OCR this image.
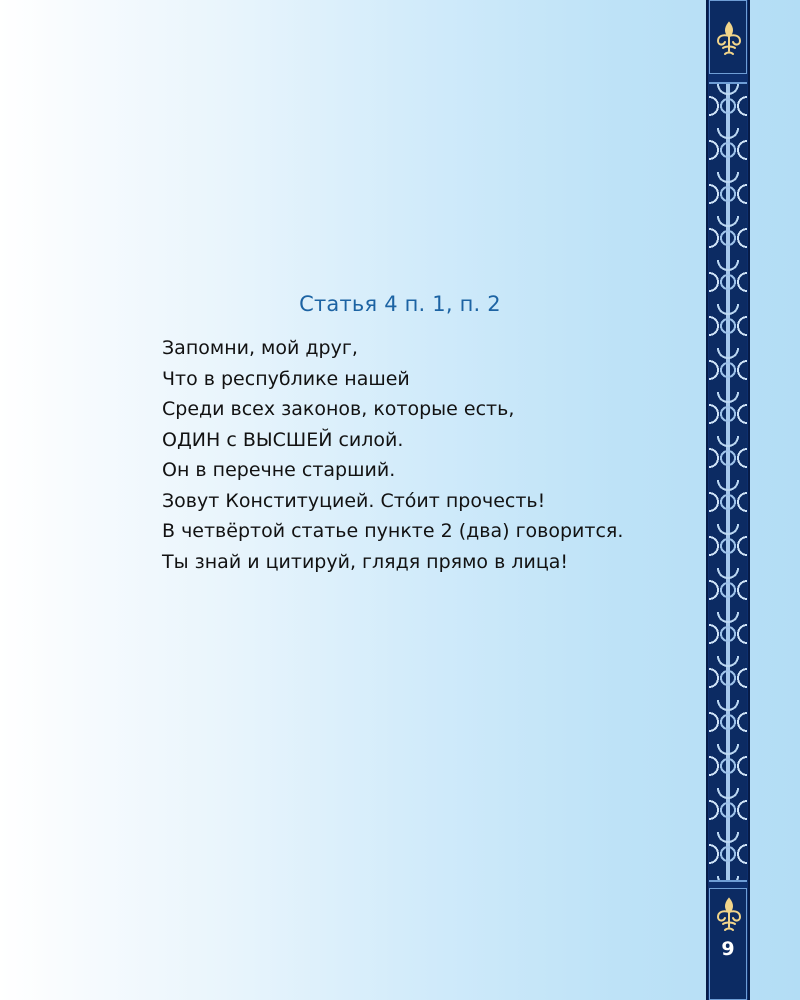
Статья 4 п. 1, п. 2
Запомни, мой друг,
Что в республике нашей
Среди всех законов, которые есть,
ОДИН с ВЫСШЕЙ силой.
Он в перечне старший.
Зовут Конституцией. Сто́ит прочесть!
В четвёртой статье пункте 2 (два) говорится.
Ты знай и цитируй, глядя прямо в лица!
9
